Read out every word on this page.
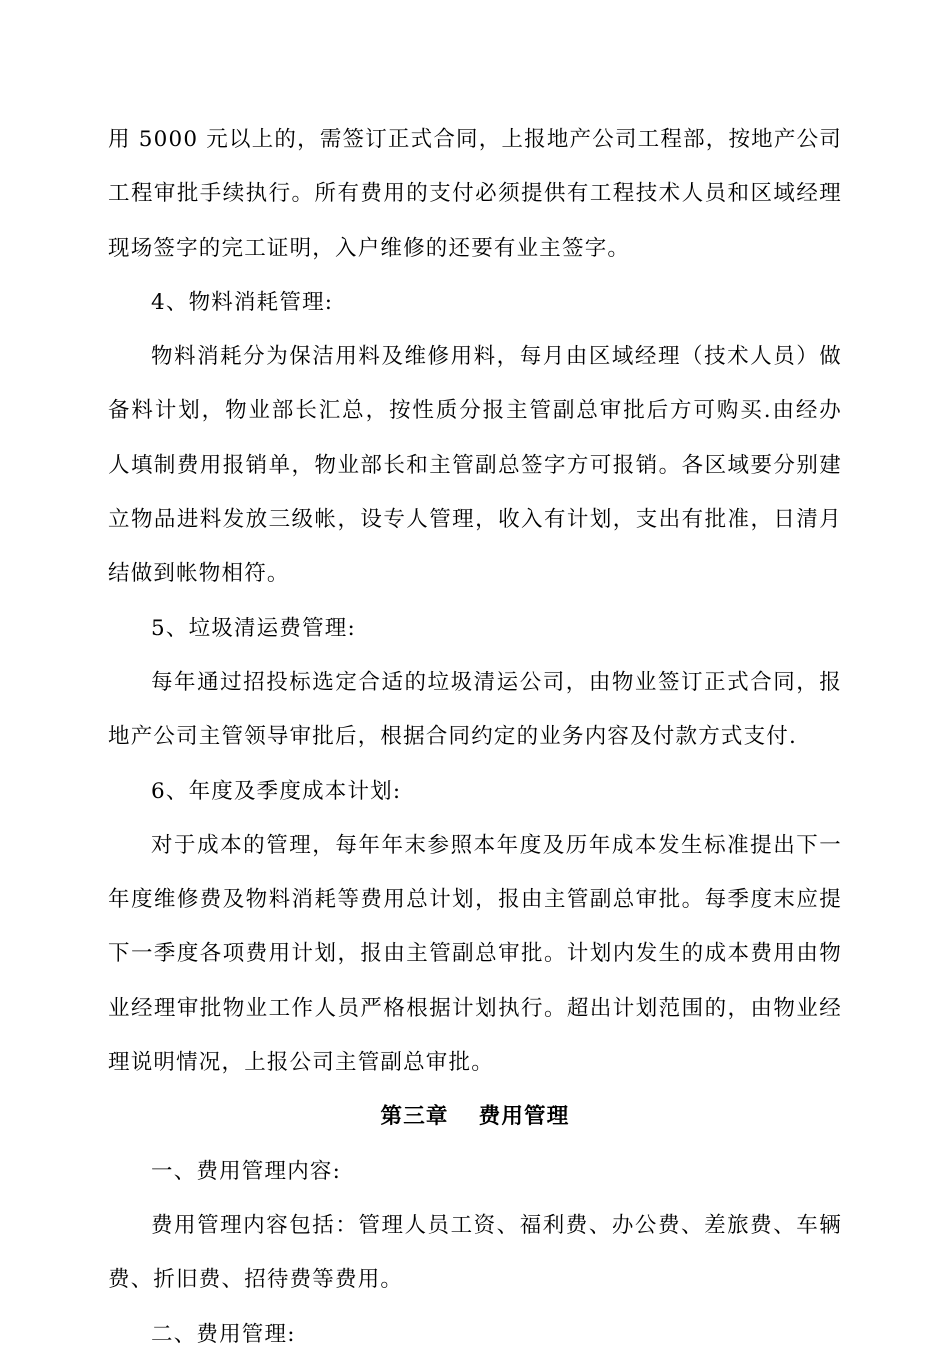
用 5000 元以上的，需签订正式合同，上报地产公司工程部，按地产公司工程审批手续执行。所有费用的支付必须提供有工程技术人员和区域经理现场签字的完工证明，入户维修的还要有业主签字。

4、物料消耗管理:

物料消耗分为保洁用料及维修用料，每月由区域经理（技术人员）做备料计划，物业部长汇总，按性质分报主管副总审批后方可购买.由经办人填制费用报销单，物业部长和主管副总签字方可报销。各区域要分别建立物品进料发放三级帐，设专人管理，收入有计划，支出有批准，日清月结做到帐物相符。

5、垃圾清运费管理:

每年通过招投标选定合适的垃圾清运公司，由物业签订正式合同，报地产公司主管领导审批后，根据合同约定的业务内容及付款方式支付.

6、年度及季度成本计划:

对于成本的管理，每年年末参照本年度及历年成本发生标准提出下一年度维修费及物料消耗等费用总计划，报由主管副总审批。每季度末应提下一季度各项费用计划，报由主管副总审批。计划内发生的成本费用由物业经理审批物业工作人员严格根据计划执行。超出计划范围的，由物业经理说明情况，上报公司主管副总审批。

第三章 费用管理

一、费用管理内容:

费用管理内容包括：管理人员工资、福利费、办公费、差旅费、车辆费、折旧费、招待费等费用。

二、费用管理:
